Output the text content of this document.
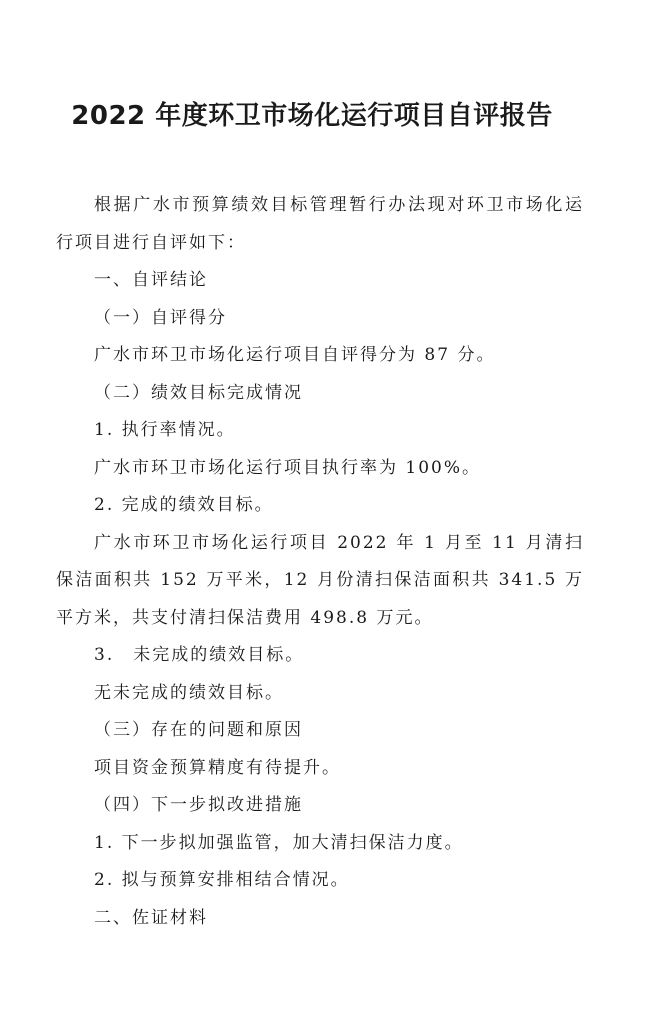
2022 年度环卫市场化运行项目自评报告

根据广水市预算绩效目标管理暂行办法现对环卫市场化运行项目进行自评如下：

一、自评结论

（一）自评得分

广水市环卫市场化运行项目自评得分为 87 分。

（二）绩效目标完成情况

1. 执行率情况。

广水市环卫市场化运行项目执行率为 100%。

2. 完成的绩效目标。

广水市环卫市场化运行项目 2022 年 1 月至 11 月清扫保洁面积共 152 万平米，12 月份清扫保洁面积共 341.5 万平方米，共支付清扫保洁费用 498.8 万元。

3.　未完成的绩效目标。

无未完成的绩效目标。

（三）存在的问题和原因

项目资金预算精度有待提升。

（四）下一步拟改进措施

1. 下一步拟加强监管，加大清扫保洁力度。

2. 拟与预算安排相结合情况。

二、佐证材料
